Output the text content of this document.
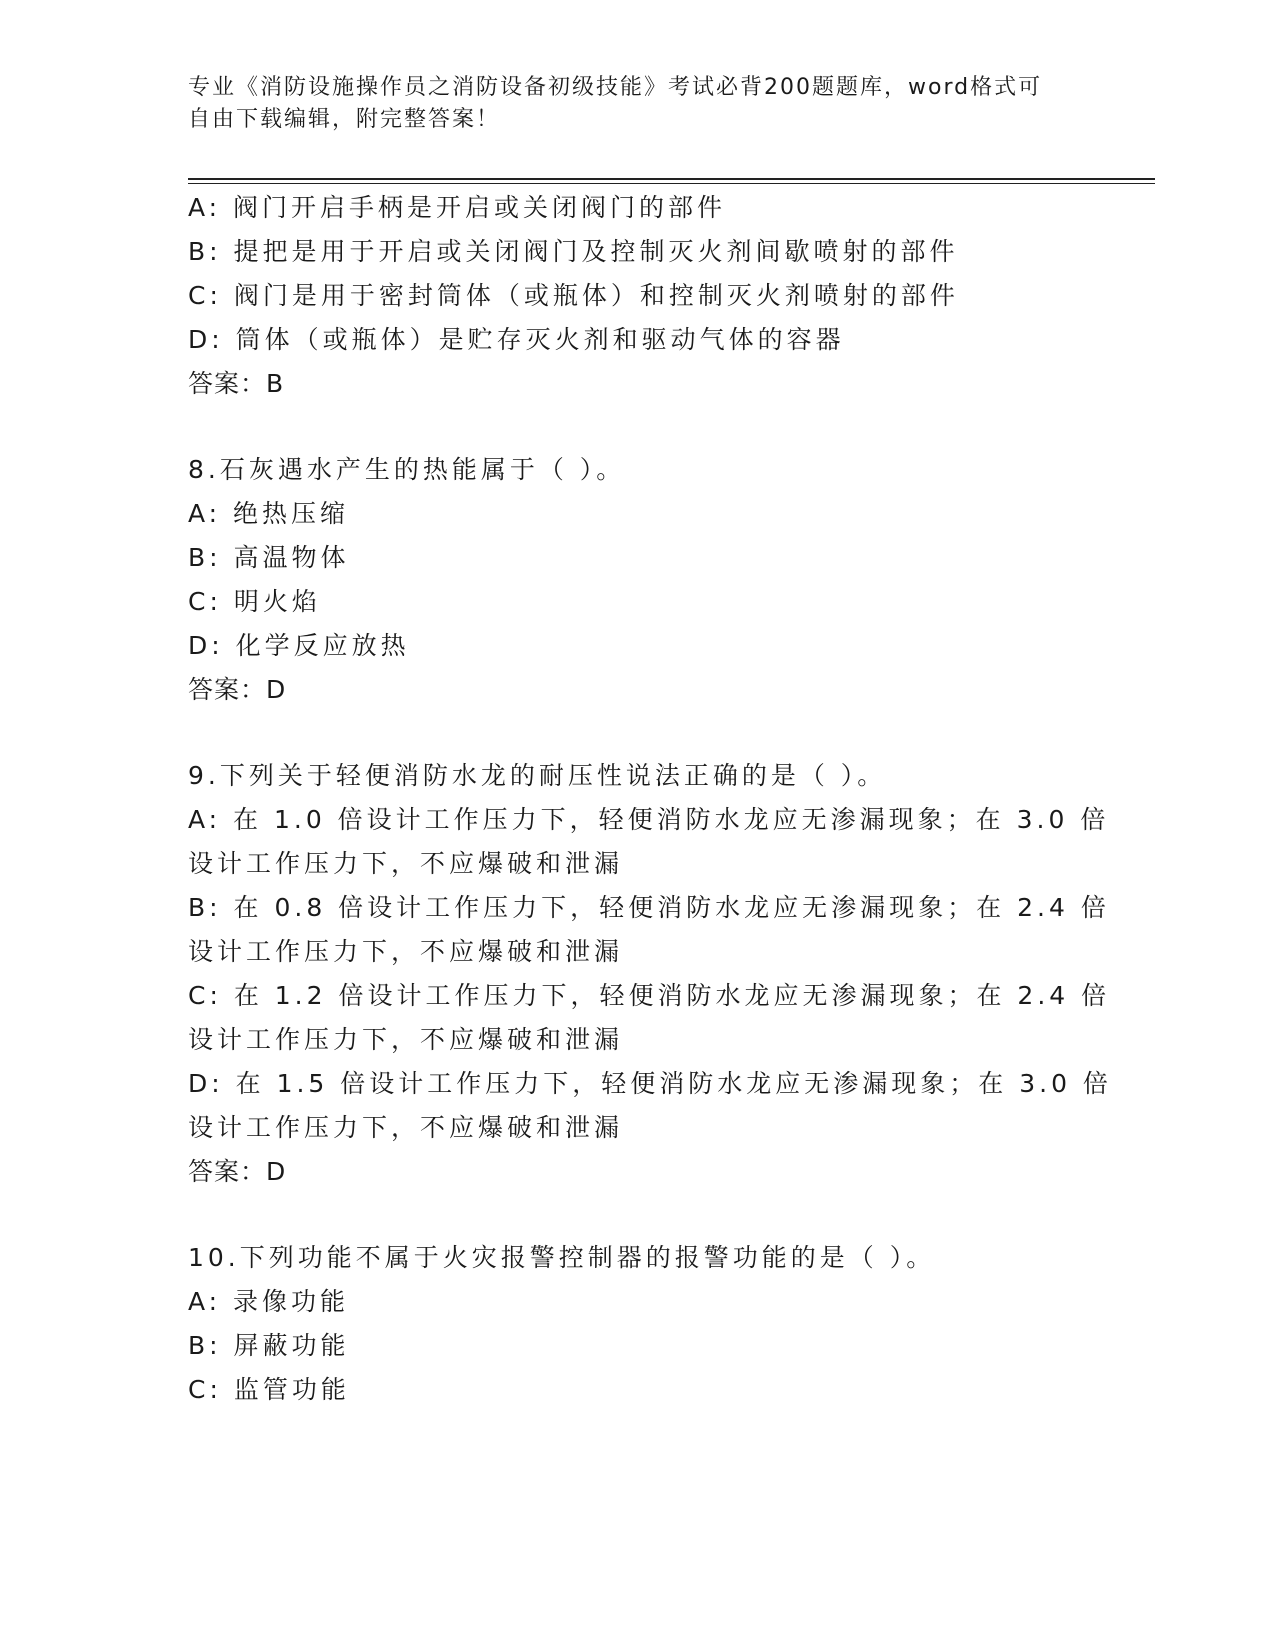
专业《消防设施操作员之消防设备初级技能》考试必背200题题库，word格式可
自由下载编辑，附完整答案！
A: 阀门开启手柄是开启或关闭阀门的部件
B: 提把是用于开启或关闭阀门及控制灭火剂间歇喷射的部件
C: 阀门是用于密封筒体（或瓶体）和控制灭火剂喷射的部件
D: 筒体（或瓶体）是贮存灭火剂和驱动气体的容器
答案：B
8.石灰遇水产生的热能属于（ ）。
A: 绝热压缩
B: 高温物体
C: 明火焰
D: 化学反应放热
答案：D
9.下列关于轻便消防水龙的耐压性说法正确的是（ ）。
A: 在 1.0 倍设计工作压力下，轻便消防水龙应无渗漏现象；在 3.0 倍
设计工作压力下，不应爆破和泄漏
B: 在 0.8 倍设计工作压力下，轻便消防水龙应无渗漏现象；在 2.4 倍
设计工作压力下，不应爆破和泄漏
C: 在 1.2 倍设计工作压力下，轻便消防水龙应无渗漏现象；在 2.4 倍
设计工作压力下，不应爆破和泄漏
D: 在 1.5 倍设计工作压力下，轻便消防水龙应无渗漏现象；在 3.0 倍
设计工作压力下，不应爆破和泄漏
答案：D
10.下列功能不属于火灾报警控制器的报警功能的是（ ）。
A: 录像功能
B: 屏蔽功能
C: 监管功能
